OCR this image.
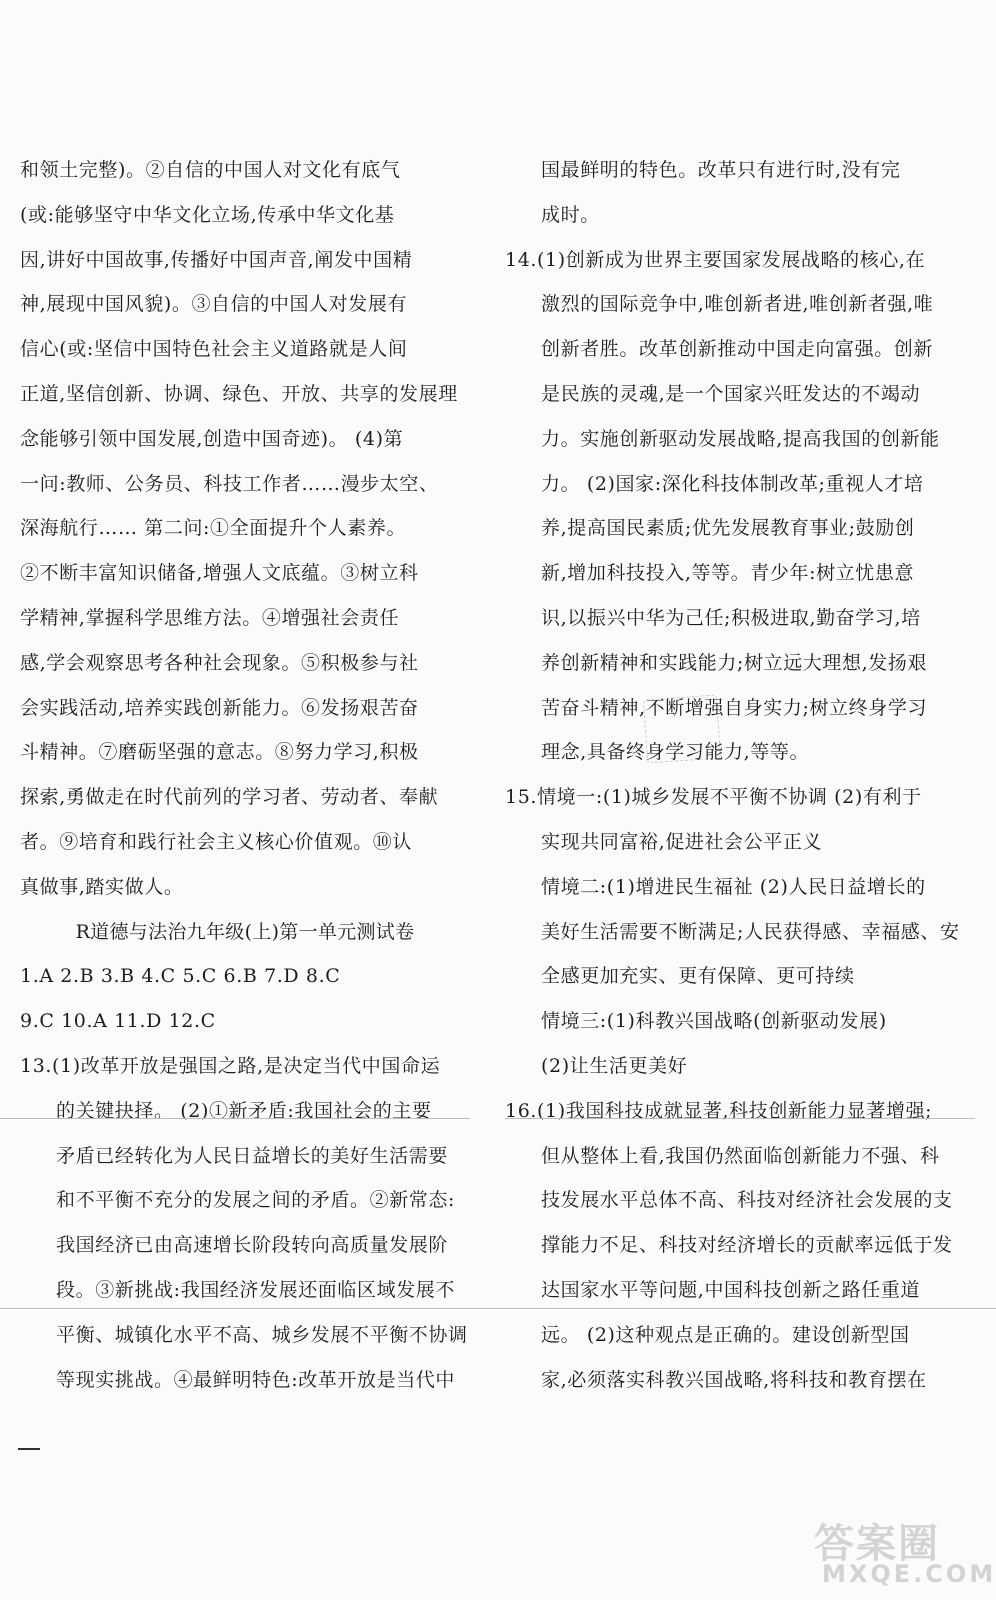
和领土完整)。②自信的中国人对文化有底气
(或:能够坚守中华文化立场,传承中华文化基
因,讲好中国故事,传播好中国声音,阐发中国精
神,展现中国风貌)。③自信的中国人对发展有
信心(或:坚信中国特色社会主义道路就是人间
正道,坚信创新、协调、绿色、开放、共享的发展理
念能够引领中国发展,创造中国奇迹)。 (4)第
一问:教师、公务员、科技工作者……漫步太空、
深海航行…… 第二问:①全面提升个人素养。
②不断丰富知识储备,增强人文底蕴。③树立科
学精神,掌握科学思维方法。④增强社会责任
感,学会观察思考各种社会现象。⑤积极参与社
会实践活动,培养实践创新能力。⑥发扬艰苦奋
斗精神。⑦磨砺坚强的意志。⑧努力学习,积极
探索,勇做走在时代前列的学习者、劳动者、奉献
者。⑨培育和践行社会主义核心价值观。⑩认
真做事,踏实做人。
R道德与法治九年级(上)第一单元测试卷
1.A 2.B 3.B 4.C 5.C 6.B 7.D 8.C
9.C 10.A 11.D 12.C
13.(1)改革开放是强国之路,是决定当代中国命运
的关键抉择。 (2)①新矛盾:我国社会的主要
矛盾已经转化为人民日益增长的美好生活需要
和不平衡不充分的发展之间的矛盾。②新常态:
我国经济已由高速增长阶段转向高质量发展阶
段。③新挑战:我国经济发展还面临区域发展不
平衡、城镇化水平不高、城乡发展不平衡不协调
等现实挑战。④最鲜明特色:改革开放是当代中
国最鲜明的特色。改革只有进行时,没有完
成时。
14.(1)创新成为世界主要国家发展战略的核心,在
激烈的国际竞争中,唯创新者进,唯创新者强,唯
创新者胜。改革创新推动中国走向富强。创新
是民族的灵魂,是一个国家兴旺发达的不竭动
力。实施创新驱动发展战略,提高我国的创新能
力。 (2)国家:深化科技体制改革;重视人才培
养,提高国民素质;优先发展教育事业;鼓励创
新,增加科技投入,等等。青少年:树立忧患意
识,以振兴中华为己任;积极进取,勤奋学习,培
养创新精神和实践能力;树立远大理想,发扬艰
苦奋斗精神,不断增强自身实力;树立终身学习
理念,具备终身学习能力,等等。
15.情境一:(1)城乡发展不平衡不协调 (2)有利于
实现共同富裕,促进社会公平正义
情境二:(1)增进民生福祉 (2)人民日益增长的
美好生活需要不断满足;人民获得感、幸福感、安
全感更加充实、更有保障、更可持续
情境三:(1)科教兴国战略(创新驱动发展)
(2)让生活更美好
16.(1)我国科技成就显著,科技创新能力显著增强;
但从整体上看,我国仍然面临创新能力不强、科
技发展水平总体不高、科技对经济社会发展的支
撑能力不足、科技对经济增长的贡献率远低于发
达国家水平等问题,中国科技创新之路任重道
远。 (2)这种观点是正确的。建设创新型国
家,必须落实科教兴国战略,将科技和教育摆在
答案圈
MXQE.COM
